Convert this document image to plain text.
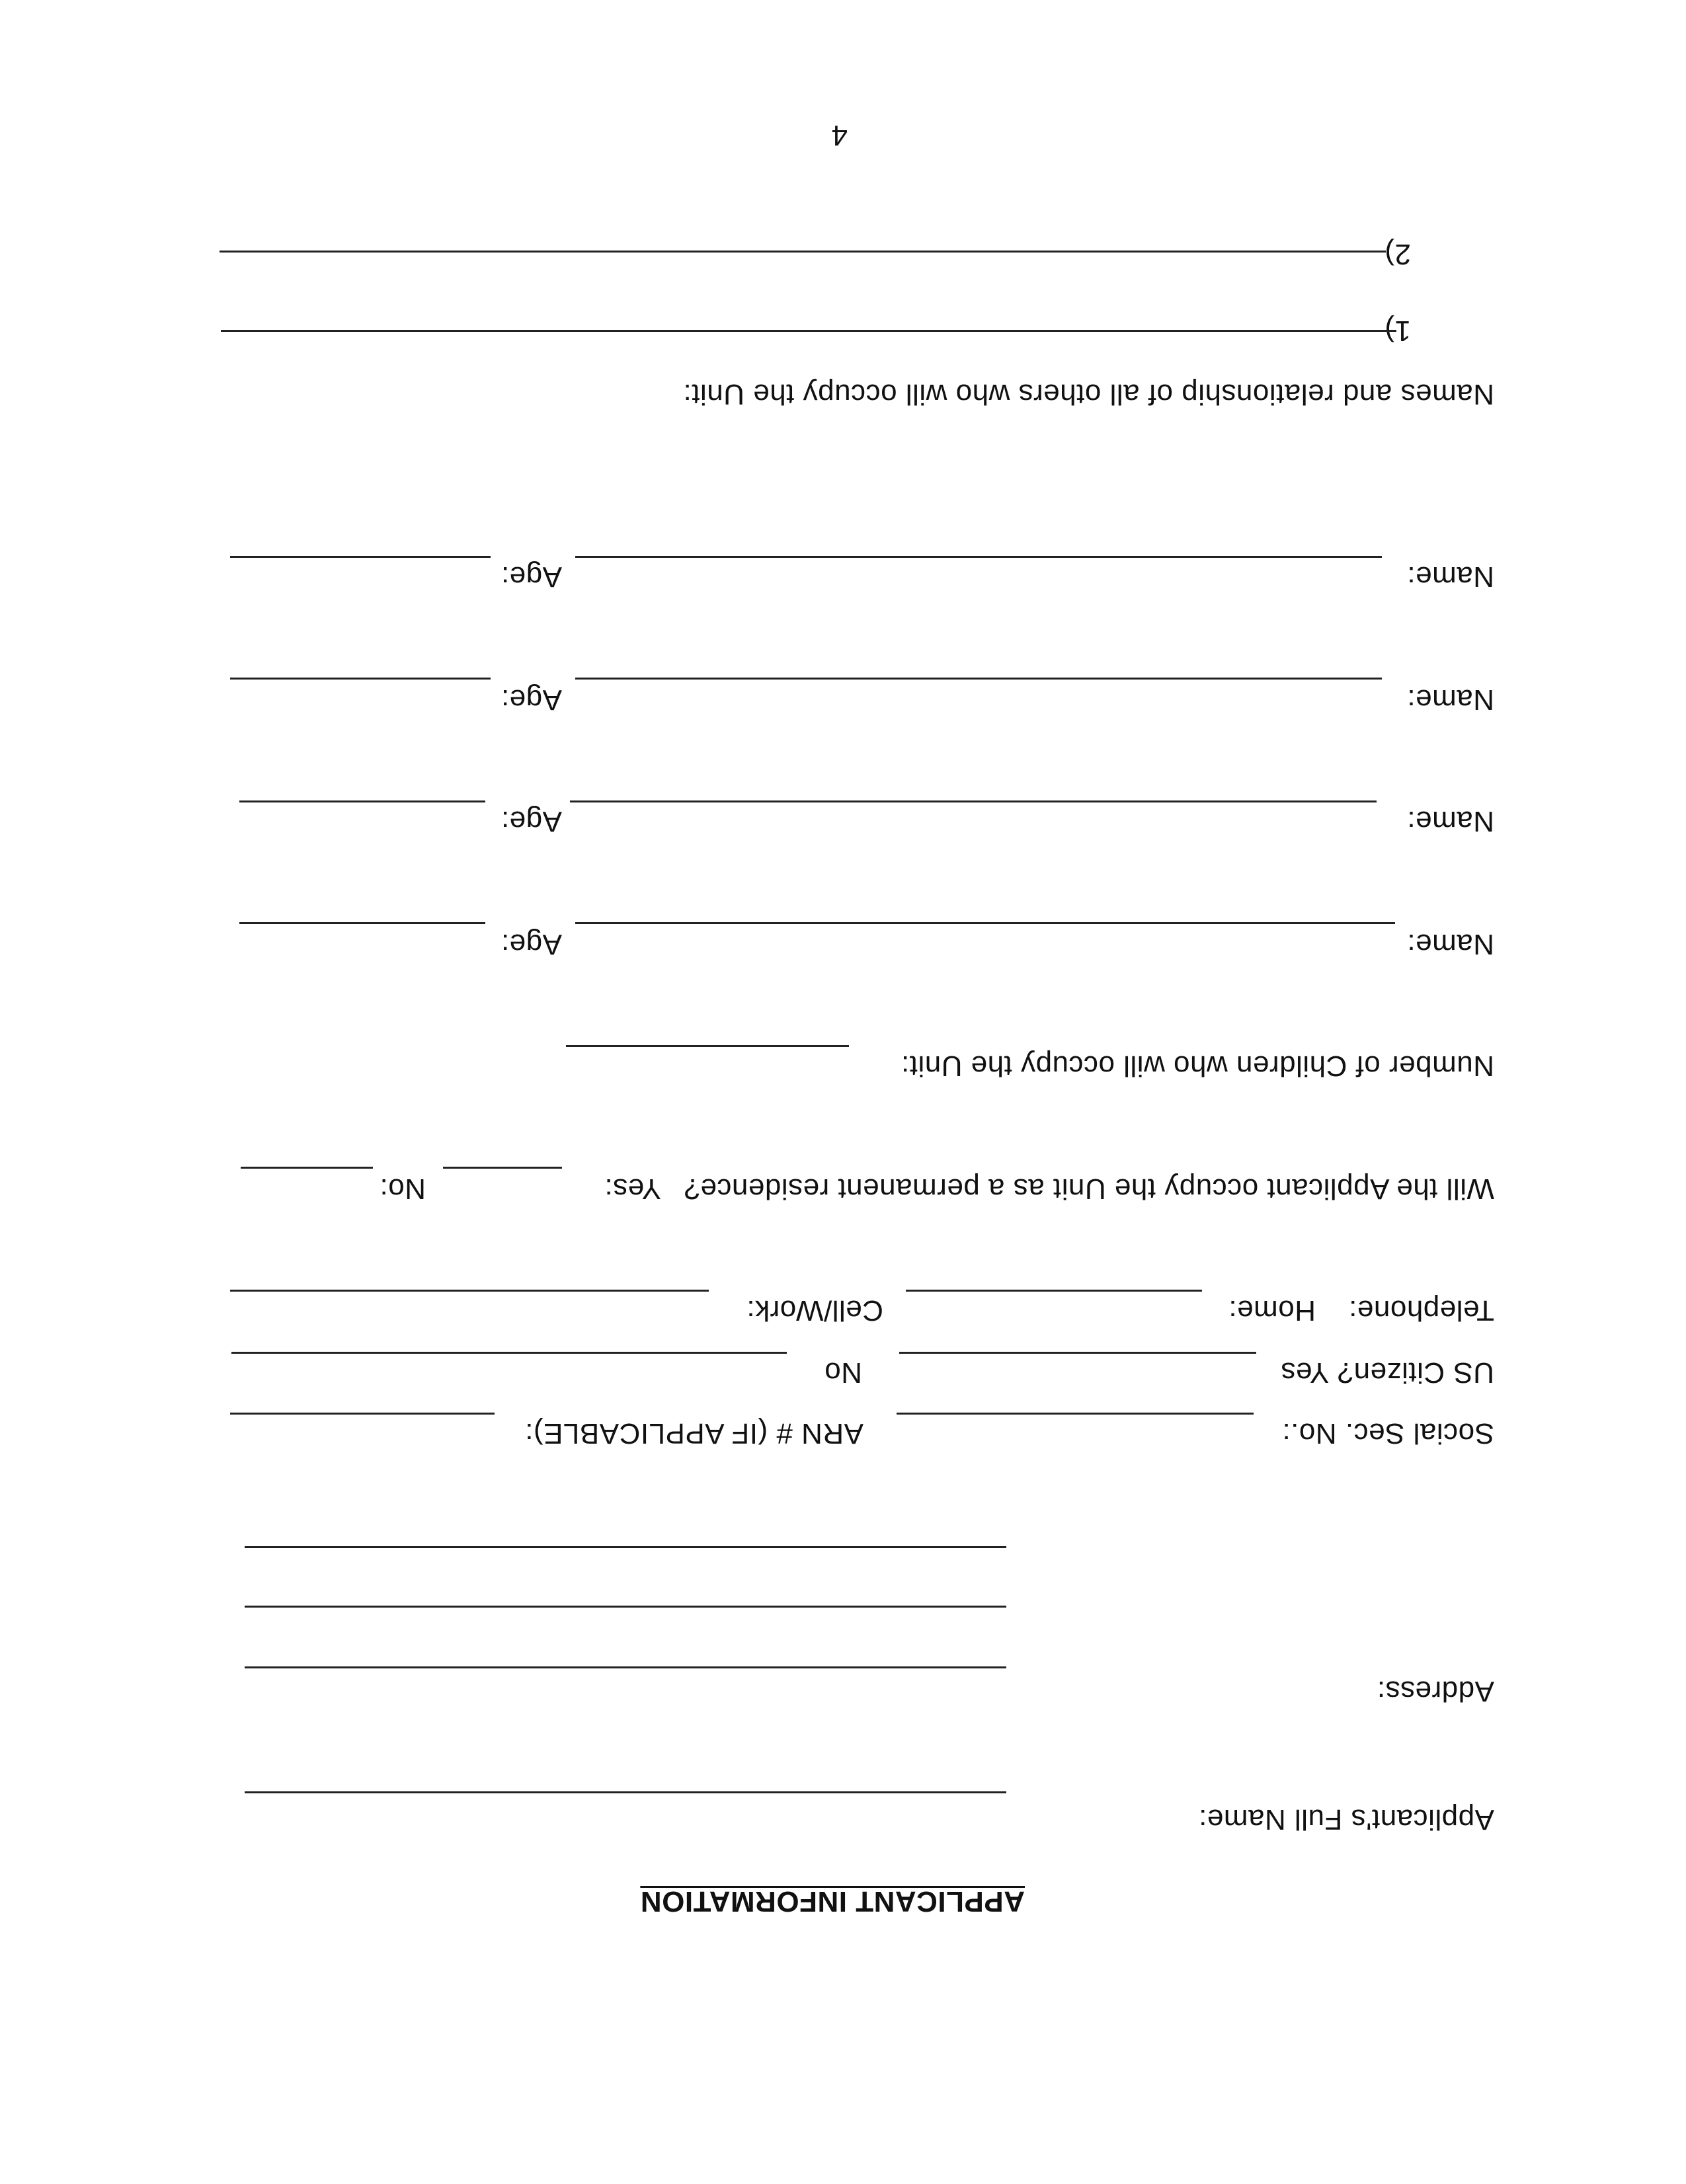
APPLICANT INFORMATION
Applicant's Full Name:
Address:
Social Sec. No.:
ARN # (IF APPLICABLE):
US Citizen? Yes
No
Telephone:
Home:
Cell/Work:
Will the Applicant occupy the Unit as a permanent residence?
Yes:
No:
Number of Children who will occupy the Unit:
Name:
Age:
Name:
Age:
Name:
Age:
Name:
Age:
Names and relationship of all others who will occupy the Unit:
1)
2)
4
